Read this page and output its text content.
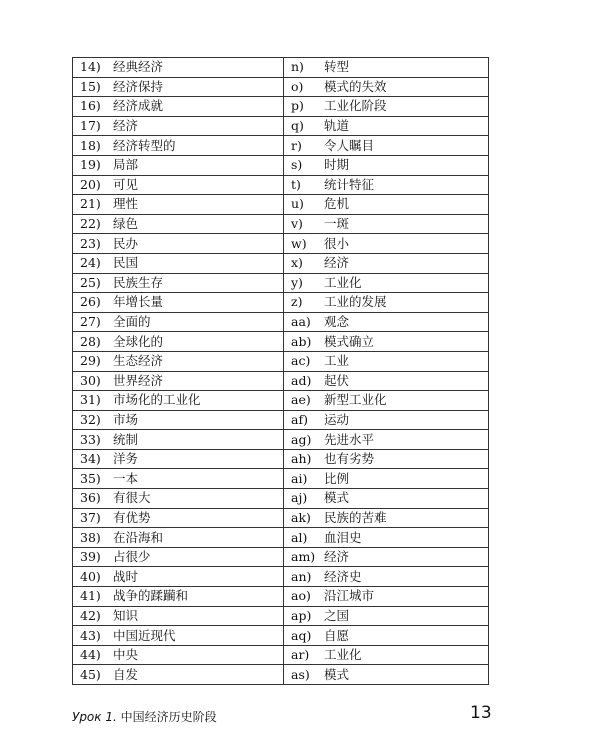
14) 经典经济	n) 转型
15) 经济保持	o) 模式的失效
16) 经济成就	p) 工业化阶段
17) 经济	q) 轨道
18) 经济转型的	r) 令人瞩目
19) 局部	s) 时期
20) 可见	t) 统计特征
21) 理性	u) 危机
22) 绿色	v) 一斑
23) 民办	w) 很小
24) 民国	x) 经济
25) 民族生存	y) 工业化
26) 年增长量	z) 工业的发展
27) 全面的	aa) 观念
28) 全球化的	ab) 模式确立
29) 生态经济	ac) 工业
30) 世界经济	ad) 起伏
31) 市场化的工业化	ae) 新型工业化
32) 市场	af) 运动
33) 统制	ag) 先进水平
34) 洋务	ah) 也有劣势
35) 一本	ai) 比例
36) 有很大	aj) 模式
37) 有优势	ak) 民族的苦难
38) 在沿海和	al) 血泪史
39) 占很少	am) 经济
40) 战时	an) 经济史
41) 战争的蹂躏和	ao) 沿江城市
42) 知识	ap) 之国
43) 中国近现代	aq) 自愿
44) 中央	ar) 工业化
45) 自发	as) 模式
Урок 1. 中国经济历史阶段	13
